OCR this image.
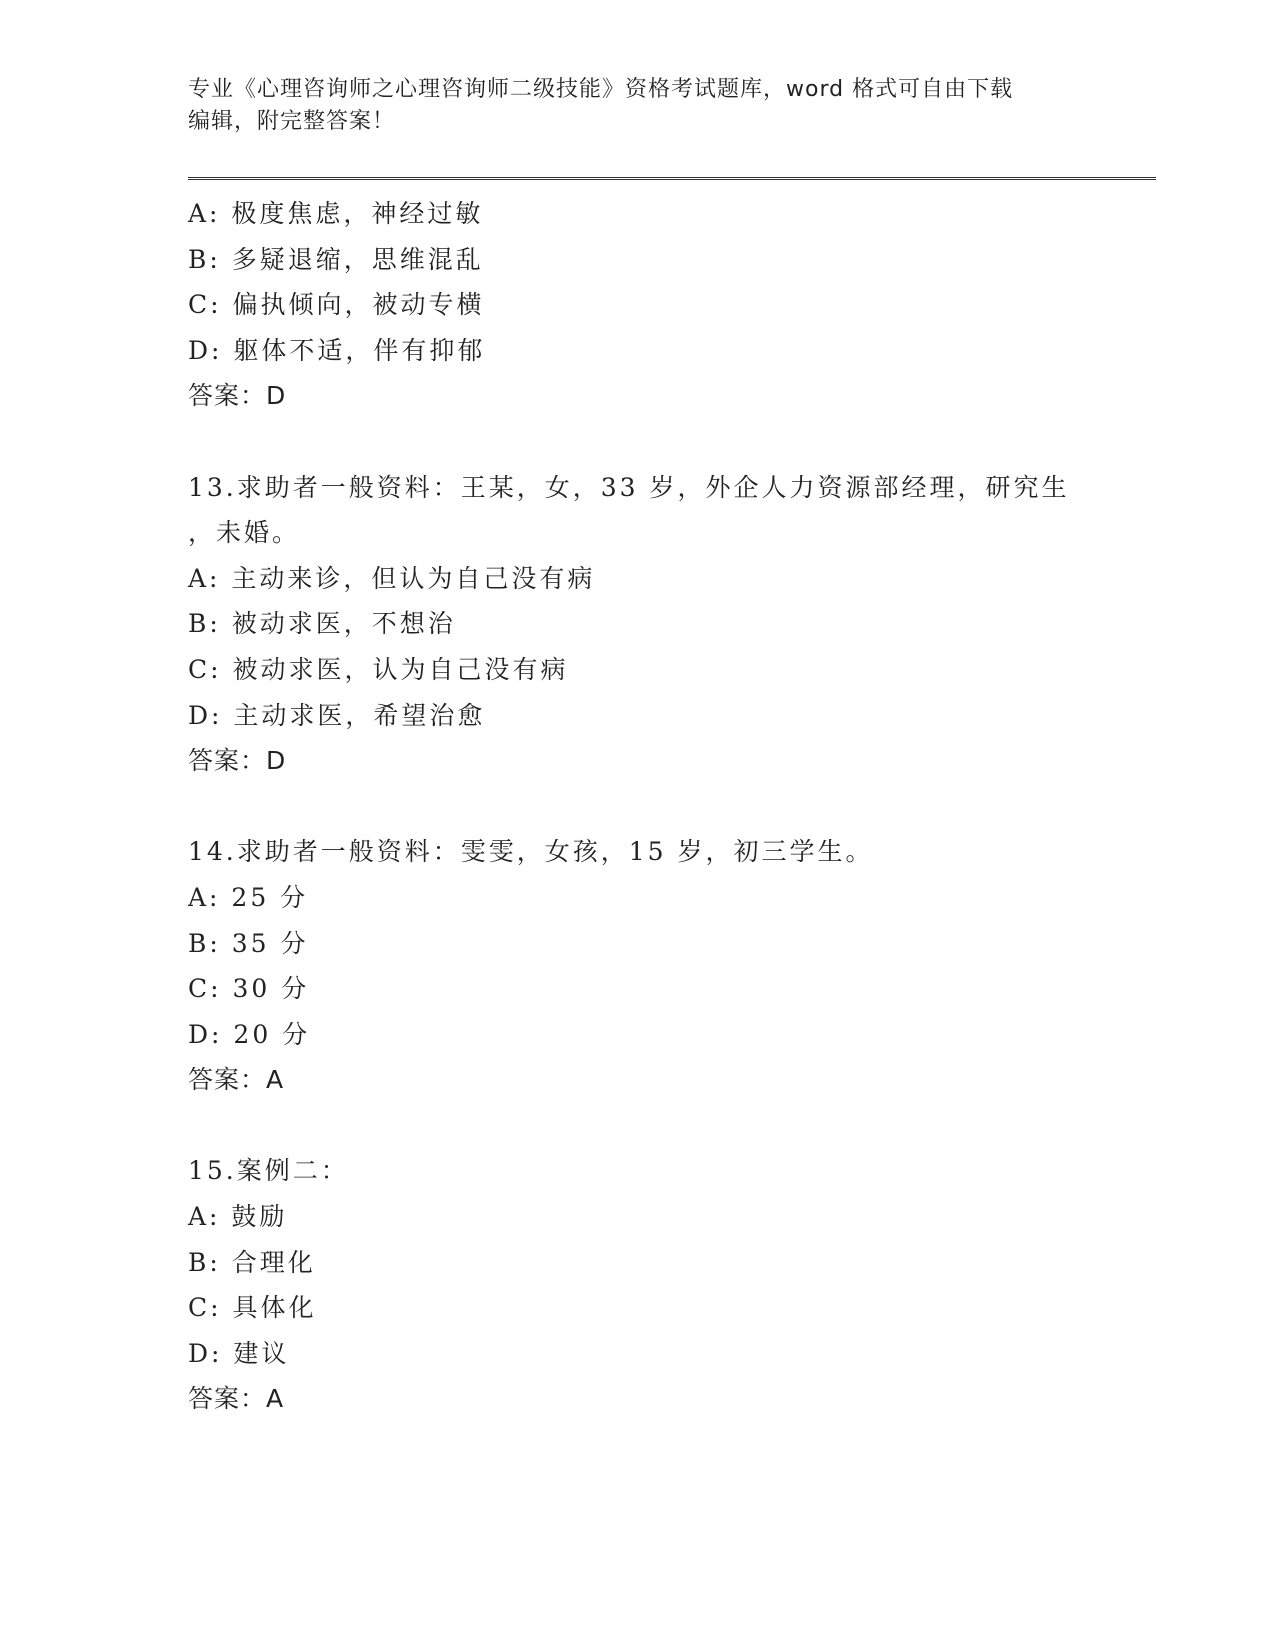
专业《心理咨询师之心理咨询师二级技能》资格考试题库，word 格式可自由下载
编辑，附完整答案！
A: 极度焦虑，神经过敏
B: 多疑退缩，思维混乱
C: 偏执倾向，被动专横
D: 躯体不适，伴有抑郁
答案：D
13.求助者一般资料：王某，女，33 岁，外企人力资源部经理，研究生
，未婚。
A: 主动来诊，但认为自己没有病
B: 被动求医，不想治
C: 被动求医，认为自己没有病
D: 主动求医，希望治愈
答案：D
14.求助者一般资料：雯雯，女孩，15 岁，初三学生。
A: 25 分
B: 35 分
C: 30 分
D: 20 分
答案：A
15.案例二：
A: 鼓励
B: 合理化
C: 具体化
D: 建议
答案：A
